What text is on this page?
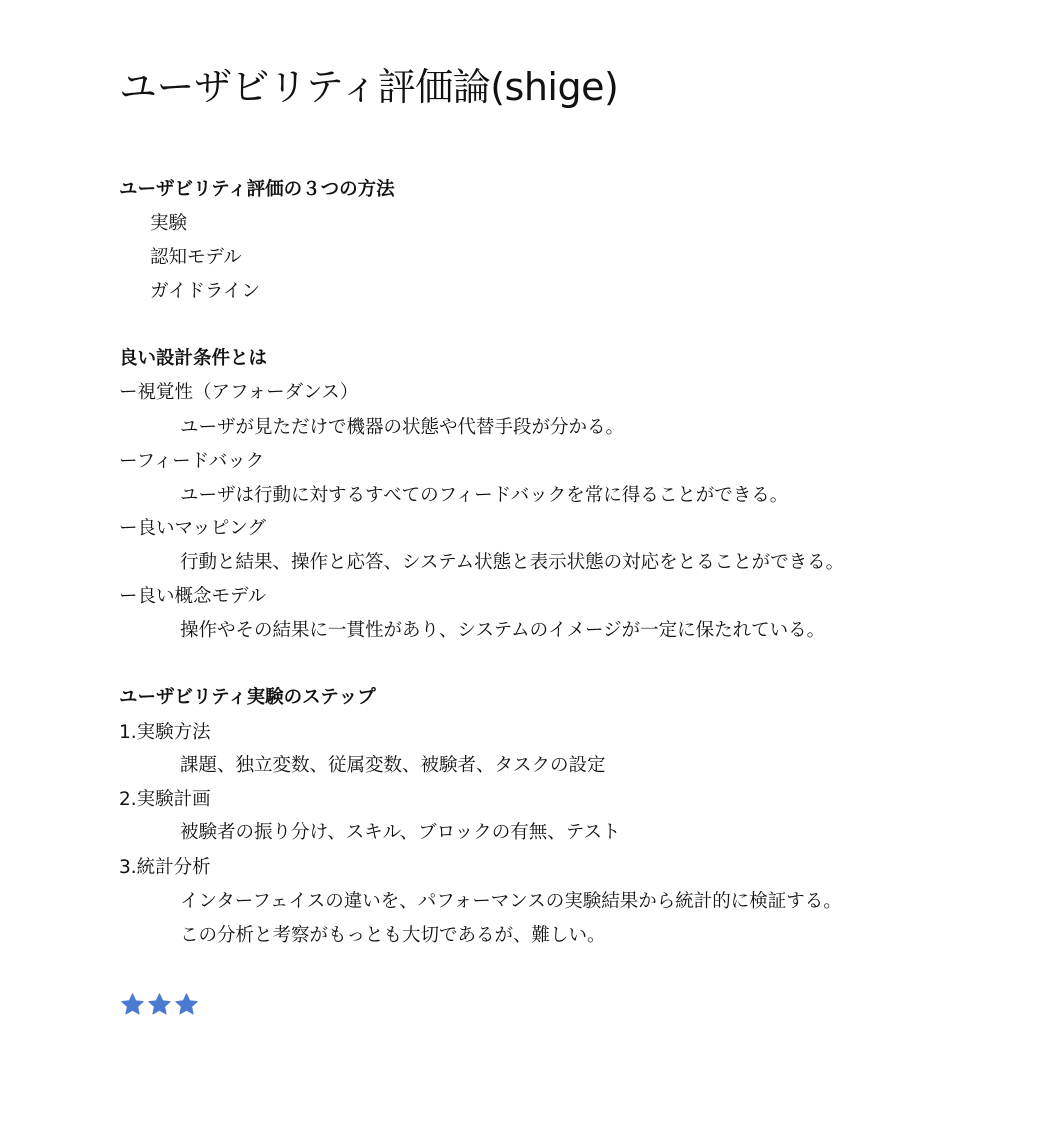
ユーザビリティ評価論(shige)
ユーザビリティ評価の３つの方法
実験
認知モデル
ガイドライン
良い設計条件とは
ー視覚性（アフォーダンス）
ユーザが見ただけで機器の状態や代替手段が分かる。
ーフィードバック
ユーザは行動に対するすべてのフィードバックを常に得ることができる。
ー良いマッピング
行動と結果、操作と応答、システム状態と表示状態の対応をとることができる。
ー良い概念モデル
操作やその結果に一貫性があり、システムのイメージが一定に保たれている。
ユーザビリティ実験のステップ
1.実験方法
課題、独立変数、従属変数、被験者、タスクの設定
2.実験計画
被験者の振り分け、スキル、ブロックの有無、テスト
3.統計分析
インターフェイスの違いを、パフォーマンスの実験結果から統計的に検証する。
この分析と考察がもっとも大切であるが、難しい。
